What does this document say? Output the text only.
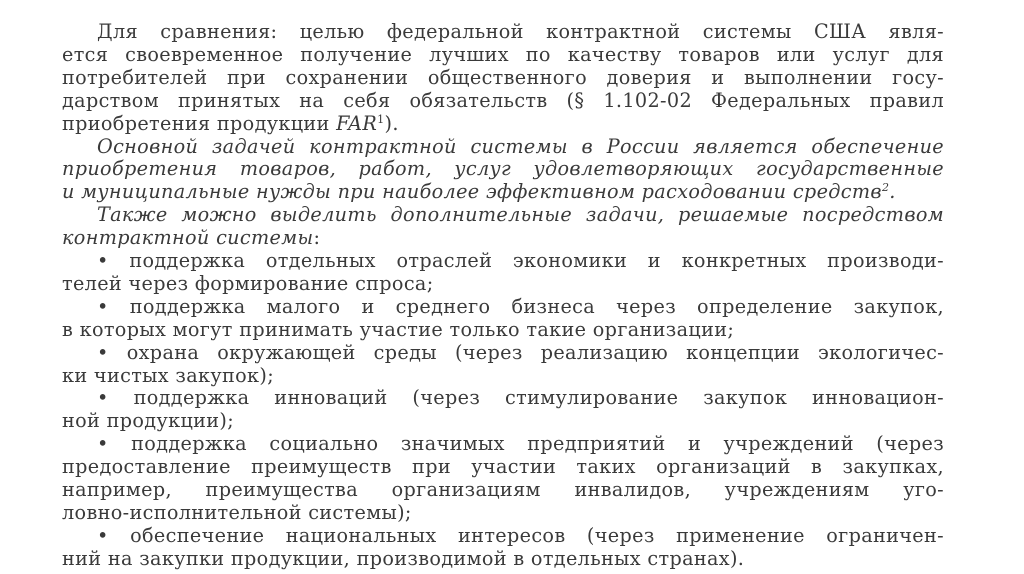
Для сравнения: целью федеральной контрактной системы США явля-
ется своевременное получение лучших по качеству товаров или услуг для
потребителей при сохранении общественного доверия и выполнении госу-
дарством принятых на себя обязательств (§ 1.102-02 Федеральных правил
приобретения продукции FAR$^1$).
Основной задачей контрактной системы в России является обеспечение
приобретения товаров, работ, услуг удовлетворяющих государственные
и муниципальные нужды при наиболее эффективном расходовании средств$^2$.
Также можно выделить дополнительные задачи, решаемые посредством
контрактной системы:
• поддержка отдельных отраслей экономики и конкретных производи-
телей через формирование спроса;
• поддержка малого и среднего бизнеса через определение закупок,
в которых могут принимать участие только такие организации;
• охрана окружающей среды (через реализацию концепции экологичес-
ки чистых закупок);
• поддержка инноваций (через стимулирование закупок инновацион-
ной продукции);
• поддержка социально значимых предприятий и учреждений (через
предоставление преимуществ при участии таких организаций в закупках,
например, преимущества организациям инвалидов, учреждениям уго-
ловно-исполнительной системы);
• обеспечение национальных интересов (через применение ограничен-
ний на закупки продукции, производимой в отдельных странах).
